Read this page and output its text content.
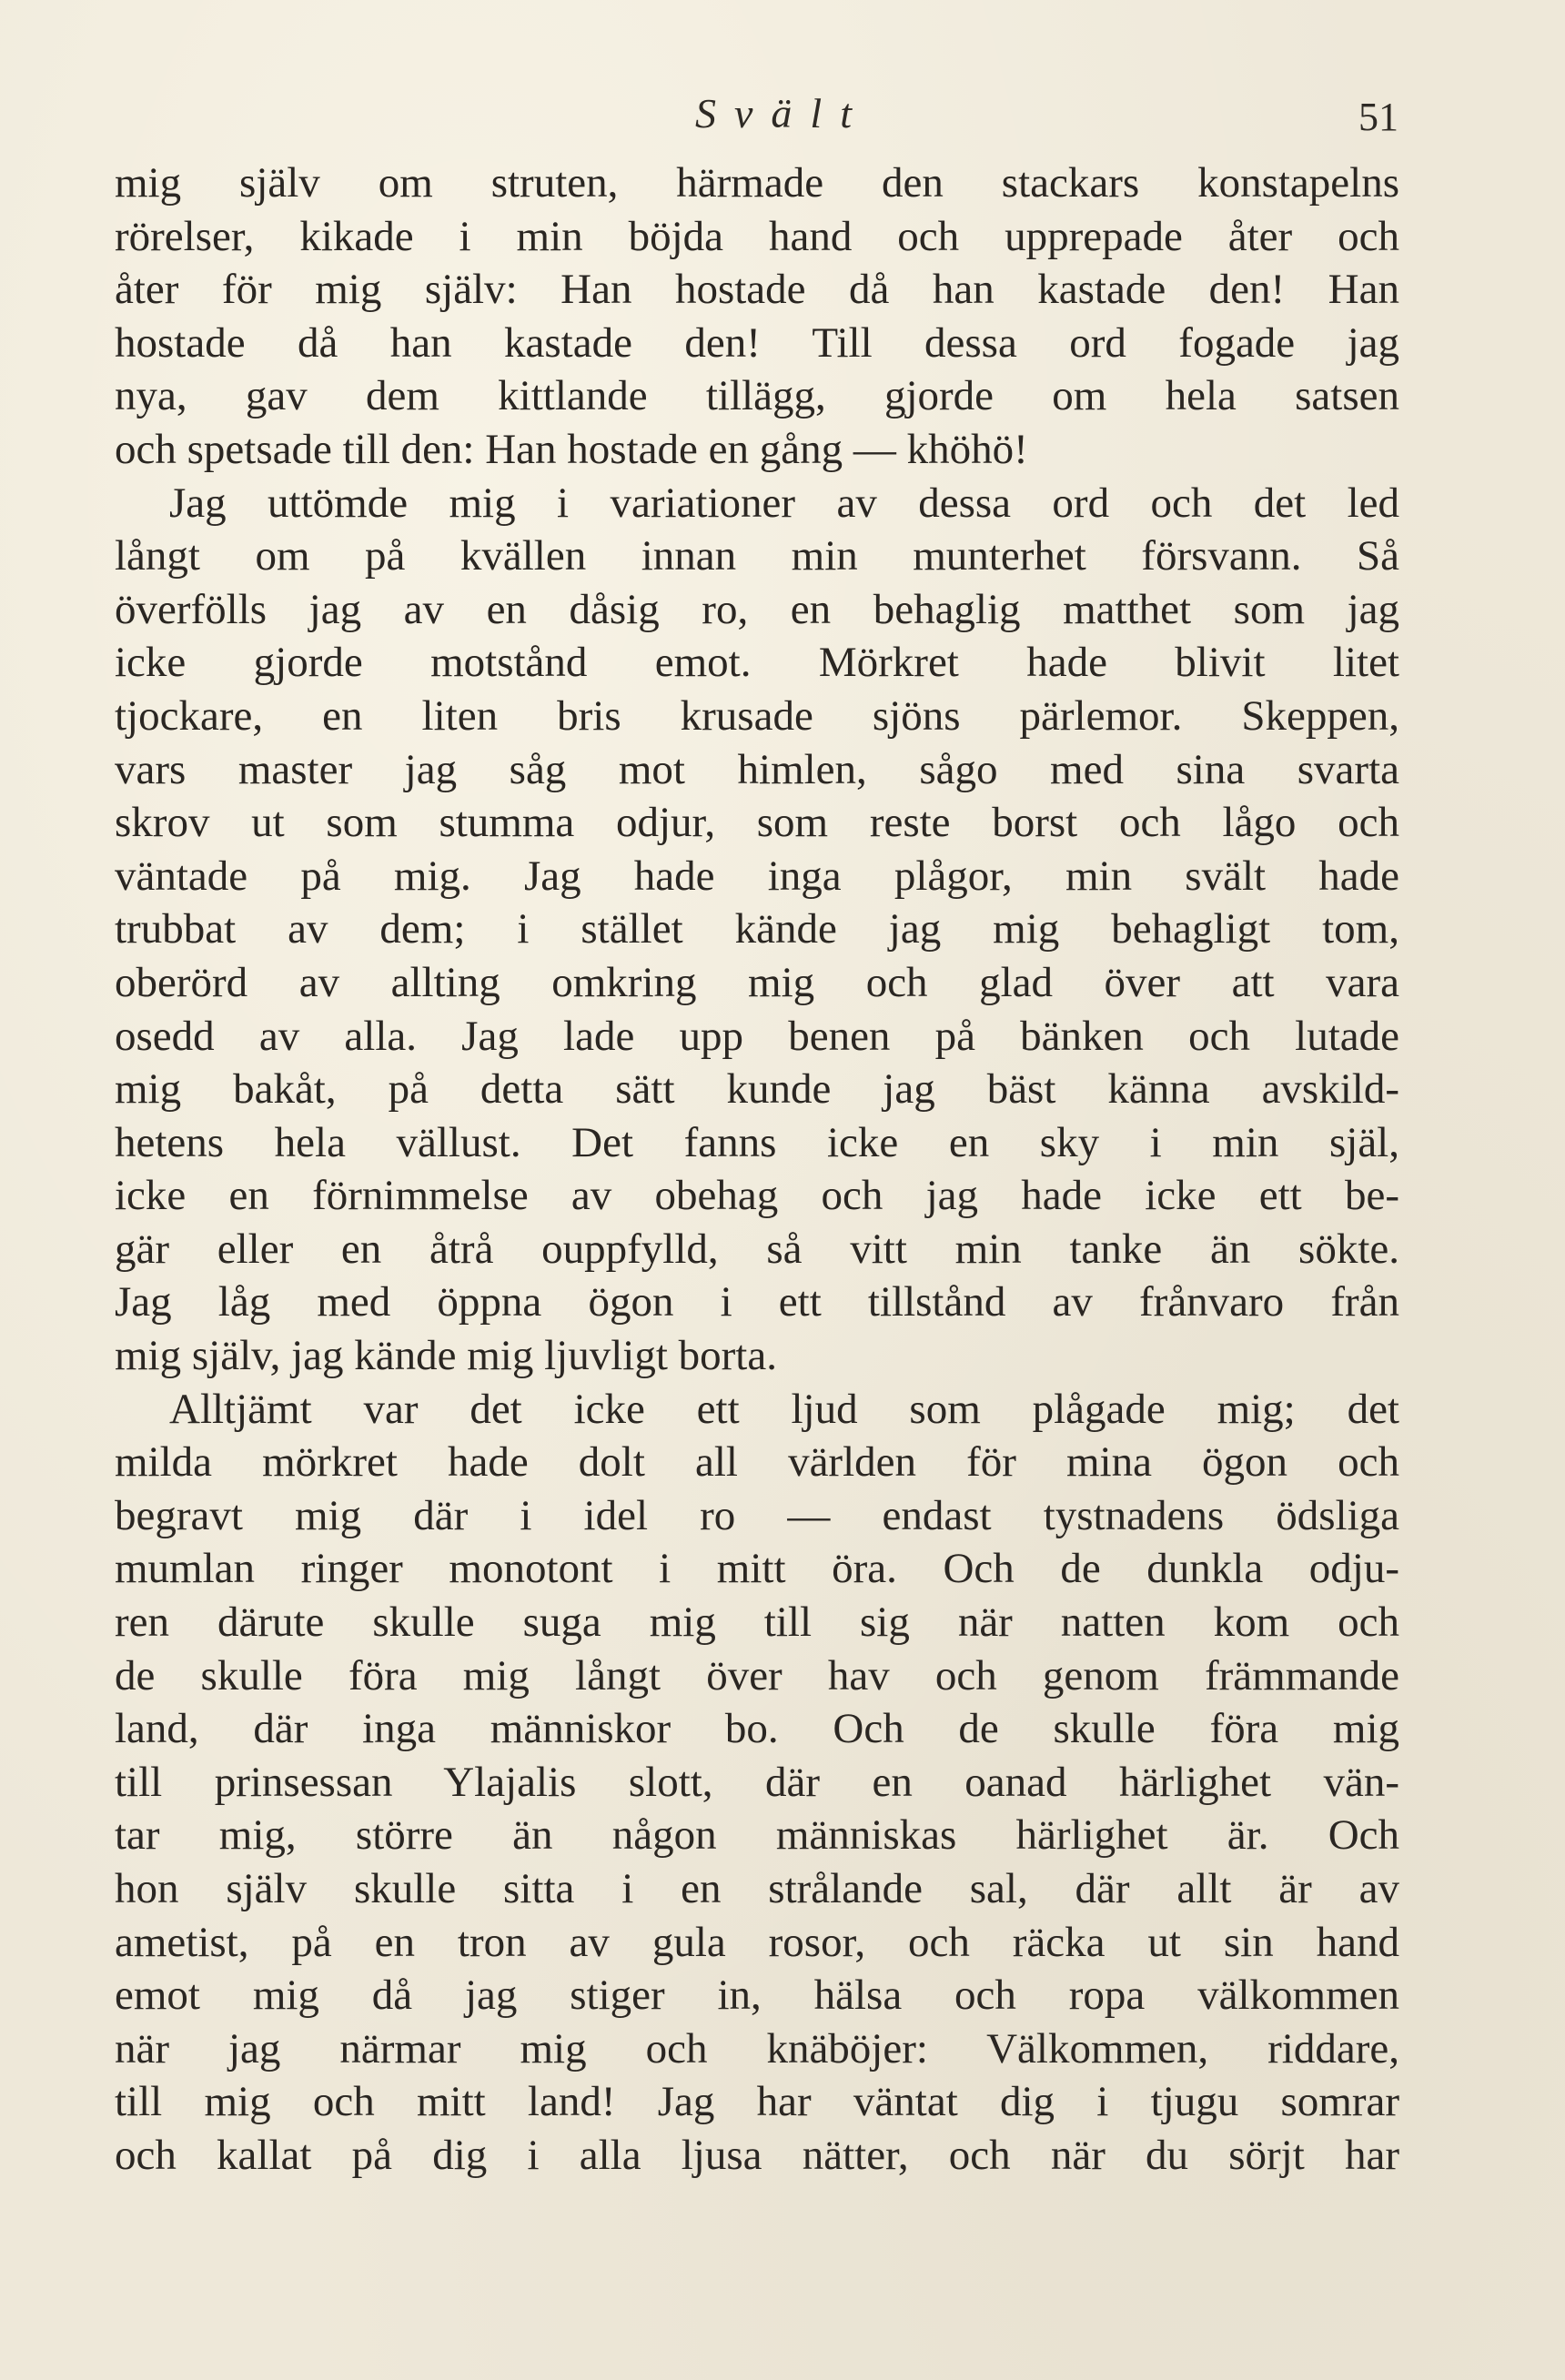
Svält	51
mig själv om struten, härmade den stackars konstapelns
rörelser, kikade i min böjda hand och upprepade åter och
åter för mig själv: Han hostade då han kastade den! Han
hostade då han kastade den! Till dessa ord fogade jag
nya, gav dem kittlande tillägg, gjorde om hela satsen
och spetsade till den: Han hostade en gång — khöhö!
Jag uttömde mig i variationer av dessa ord och det led
långt om på kvällen innan min munterhet försvann. Så
överfölls jag av en dåsig ro, en behaglig matthet som jag
icke gjorde motstånd emot. Mörkret hade blivit litet
tjockare, en liten bris krusade sjöns pärlemor. Skeppen,
vars master jag såg mot himlen, sågo med sina svarta
skrov ut som stumma odjur, som reste borst och lågo och
väntade på mig. Jag hade inga plågor, min svält hade
trubbat av dem; i stället kände jag mig behagligt tom,
oberörd av allting omkring mig och glad över att vara
osedd av alla. Jag lade upp benen på bänken och lutade
mig bakåt, på detta sätt kunde jag bäst känna avskild-
hetens hela vällust. Det fanns icke en sky i min själ,
icke en förnimmelse av obehag och jag hade icke ett be-
gär eller en åtrå ouppfylld, så vitt min tanke än sökte.
Jag låg med öppna ögon i ett tillstånd av frånvaro från
mig själv, jag kände mig ljuvligt borta.
Alltjämt var det icke ett ljud som plågade mig; det
milda mörkret hade dolt all världen för mina ögon och
begravt mig där i idel ro — endast tystnadens ödsliga
mumlan ringer monotont i mitt öra. Och de dunkla odju-
ren därute skulle suga mig till sig när natten kom och
de skulle föra mig långt över hav och genom främmande
land, där inga människor bo. Och de skulle föra mig
till prinsessan Ylajalis slott, där en oanad härlighet vän-
tar mig, större än någon människas härlighet är. Och
hon själv skulle sitta i en strålande sal, där allt är av
ametist, på en tron av gula rosor, och räcka ut sin hand
emot mig då jag stiger in, hälsa och ropa välkommen
när jag närmar mig och knäböjer: Välkommen, riddare,
till mig och mitt land! Jag har väntat dig i tjugu somrar
och kallat på dig i alla ljusa nätter, och när du sörjt har
